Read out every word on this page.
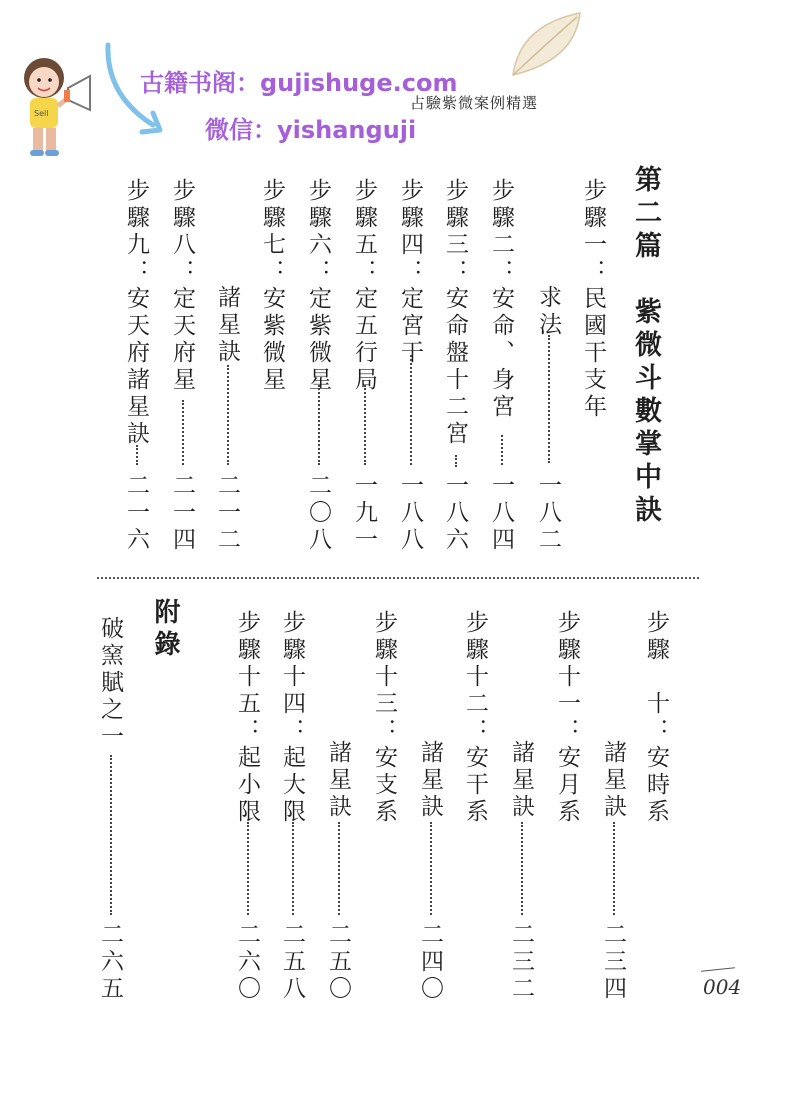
Sell
古籍书阁：gujishuge.com
微信：yishanguji
占驗紫微案例精選
第二篇　紫微斗數掌中訣
步驟一：民國干支年
求法
一八二
步驟二：安命、身宮
一八四
步驟三：安命盤十二宮
一八六
步驟四：定宮干
一八八
步驟五：定五行局
一九一
步驟六：定紫微星
二〇八
步驟七：安紫微星
諸星訣
二一二
步驟八：定天府星
二一四
步驟九：安天府諸星訣
二一六
步驟　十：安時系
諸星訣
二三四
步驟十一：安月系
諸星訣
二三二
步驟十二：安干系
諸星訣
二四〇
步驟十三：安支系
諸星訣
二五〇
步驟十四：起大限
二五八
步驟十五：起小限
二六〇
附錄
破窯賦之一
二六五	004
